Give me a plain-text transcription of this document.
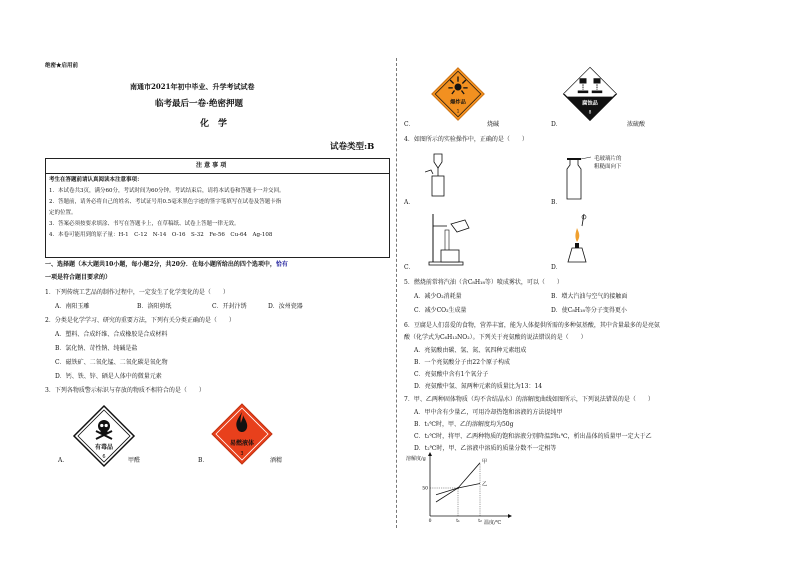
绝密★启用前
南通市2021年初中毕业、升学考试试卷
临考最后一卷·绝密押题
化　学
试卷类型:B
注 意 事 项
考生在答题前请认真阅读本注意事项：
1．本试卷共3页，满分60分，考试时间为60分钟。考试结束后，请将本试卷和答题卡一并交回。
2．答题前，请务必将自己的姓名、考试证号用0.5毫米黑色字迹的签字笔填写在试卷及答题卡指
定的位置。
3．答案必须按要求填涂、书写在答题卡上，在草稿纸、试卷上答题一律无效。
4．本卷可能用到的原子量：H-1　C-12　N-14　O-16　S-32　Fe-56　Cu-64　Ag-108
一、选择题（本大题共10小题，每小题2分，共20分．在每小题所给出的四个选项中，恰有
一项是符合题目要求的）
1．下列传统工艺品的制作过程中，一定发生了化学变化的是（　　）
A．南阳玉雕	B．洛阳剪纸	C．开封汴绣	D．汝州瓷器
2．分类是化学学习、研究的重要方法，下列有关分类正确的是（　　）
A．塑料、合成纤维、合成橡胶是合成材料
B．氯化钠、苛性钠、纯碱是盐
C．磁铁矿、二氧化锰、二氧化碳是氧化物
D．钙、铁、锌、硒是人体中的微量元素
3．下列各物质警示标识与存放的物质不相符合的是（　　）
有毒品
6
A．	甲醛
易燃液体
3
B．	酒精
爆炸品
1
C．	烧碱
腐蚀品
8
D．	浓硫酸
4．如图所示的实验操作中，正确的是（　　）
A．
毛玻璃片的
粗糙面向下
B．
C．	D．
5．燃烧前常将汽油（含C₈H₁₈等）喷成雾状，可以（　　）
A．减少O₂消耗量	B．增大汽油与空气的接触面
C．减少CO₂生成量	D．使C₈H₁₈等分子变得更小
6．豆腐是人们喜爱的食物，营养丰富，能为人体提供所需的多种氨基酸，其中含量最多的是亮氨
酸（化学式为C₆H₁₃NO₂）。下列关于亮氨酸的说法错误的是（　　）
A．亮氨酸由碳、氢、氮、氧四种元素组成
B．一个亮氨酸分子由22个原子构成
C．亮氨酸中含有1个氧分子
D．亮氨酸中氢、氮两种元素的质量比为13：14
7．甲、乙两种固体物质（均不含结晶水）的溶解度曲线如图所示，下列说法错误的是（　　）
A．甲中含有少量乙，可用冷却热饱和溶液的方法提纯甲
B．t₁℃时，甲、乙的溶解度均为50g
C．t₂℃时，将甲、乙两种物质的饱和溶液分别降温到t₁℃，析出晶体的质量甲一定大于乙
D．t₂℃时，甲、乙溶液中溶质的质量分数不一定相等
溶解度/g
温度/℃
0	t₁	t₂
50
甲
乙
